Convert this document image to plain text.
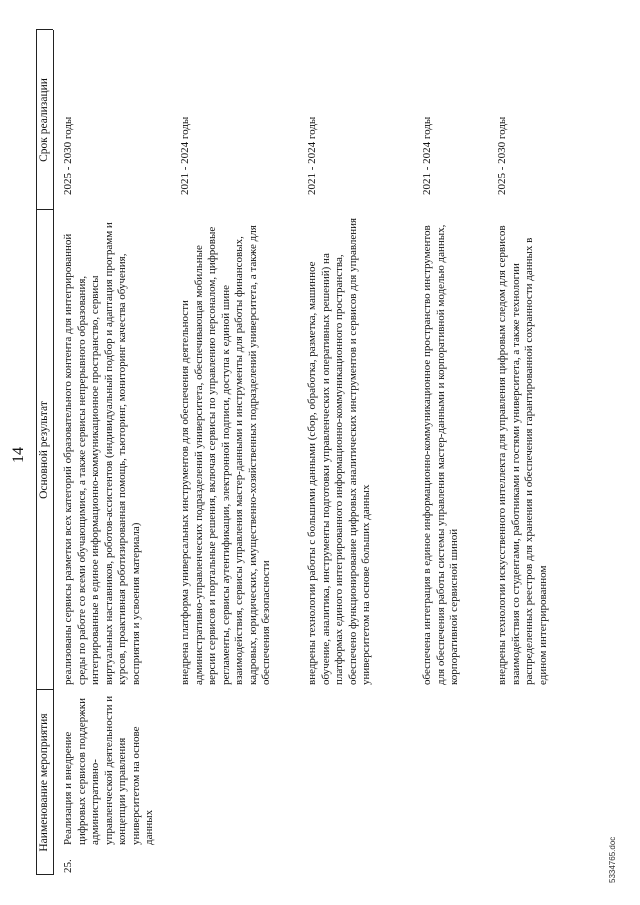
14
Наименование мероприятия
Основной результат
Срок реализации
25.
Реализация и внедрение цифровых сервисов поддержки административно-управленческой деятельности и концепции управления университетом на основе данных
реализованы сервисы разметки всех категорий образовательного контента для интегрированной среды по работе со всеми обучающимися, а также сервисы непрерывного образования, интегрированные в единое информационно-коммуникационное пространство, сервисы виртуальных наставников, роботов-ассистентов (индивидуальный подбор и адаптация программ и курсов, проактивная роботизированная помощь, тьюторинг, мониторинг качества обучения, восприятия и усвоения материала)
2025 - 2030 годы
внедрена платформа универсальных инструментов для обеспечения деятельности административно-управленческих подразделений университета, обеспечивающая мобильные версии сервисов и портальные решения, включая сервисы по управлению персоналом, цифровые регламенты, сервисы аутентификации, электронной подписи, доступа к единой шине взаимодействия, сервисы управления мастер-данными и инструменты для работы финансовых, кадровых, юридических, имущественно-хозяйственных подразделений университета, а также для обеспечения безопасности
2021 - 2024 годы
внедрены технологии работы с большими данными (сбор, обработка, разметка, машинное обучение, аналитика, инструменты подготовки управленческих и оперативных решений) на платформах единого интегрированного информационно-коммуникационного пространства, обеспечено функционирование цифровых аналитических инструментов и сервисов для управления университетом на основе больших данных
2021 - 2024 годы
обеспечена интеграция в единое информационно-коммуникационное пространство инструментов для обеспечения работы системы управления мастер-данными и корпоративной моделью данных, корпоративной сервисной шиной
2021 - 2024 годы
внедрены технологии искусственного интеллекта для управления цифровым следом для сервисов взаимодействия со студентами, работниками и гостями университета, а также технологии распределенных реестров для хранения и обеспечения гарантированной сохранности данных в едином интегрированном
2025 - 2030 годы
5334765.doc
